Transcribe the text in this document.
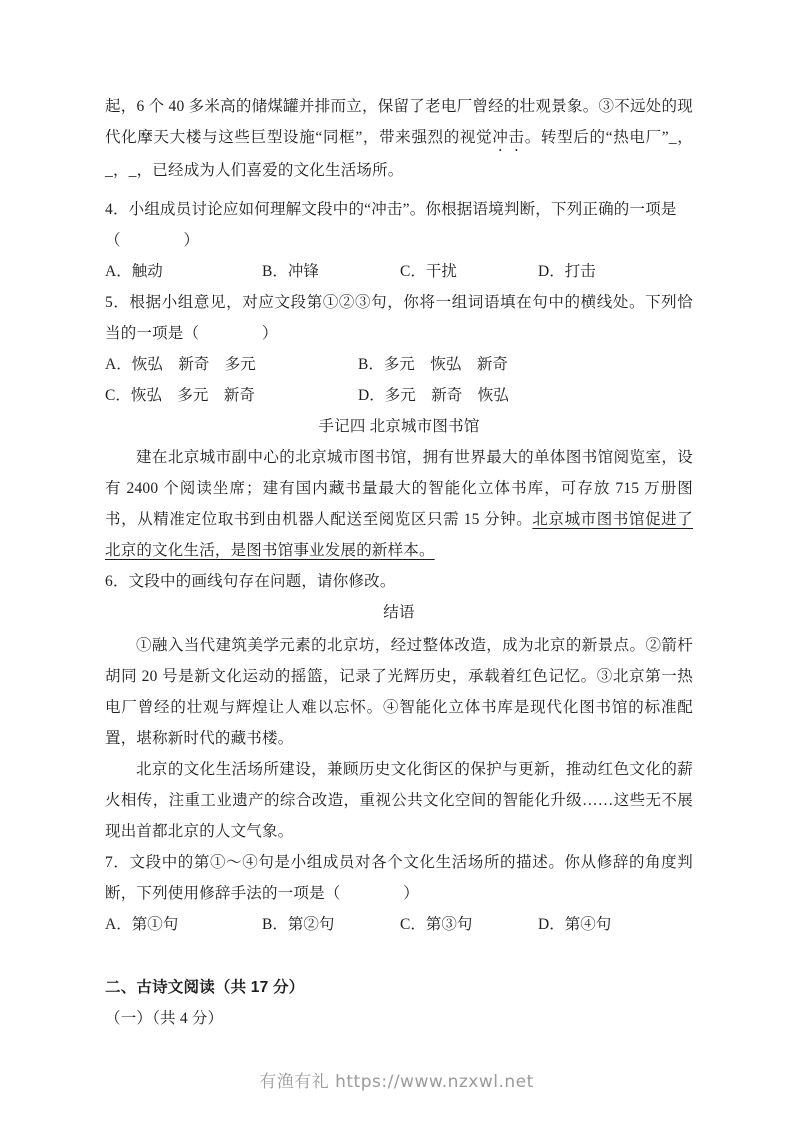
起，6 个 40 多米高的储煤罐并排而立，保留了老电厂曾经的壮观景象。③不远处的现代化摩天大楼与这些巨型设施“同框”，带来强烈的视觉冲击。转型后的“热电厂”_，_，_，已经成为人们喜爱的文化生活场所。

4．小组成员讨论应如何理解文段中的“冲击”。你根据语境判断，下列正确的一项是

（　　　　）

A．触动	B．冲锋	C．干扰	D．打击

5．根据小组意见，对应文段第①②③句，你将一组词语填在句中的横线处。下列恰当的一项是（　　　　）

A．恢弘　新奇　多元	B．多元　恢弘　新奇
C．恢弘　多元　新奇	D．多元　新奇　恢弘

手记四 北京城市图书馆

建在北京城市副中心的北京城市图书馆，拥有世界最大的单体图书馆阅览室，设有 2400 个阅读坐席；建有国内藏书量最大的智能化立体书库，可存放 715 万册图书，从精准定位取书到由机器人配送至阅览区只需 15 分钟。北京城市图书馆促进了北京的文化生活，是图书馆事业发展的新样本。

6．文段中的画线句存在问题，请你修改。

结语

①融入当代建筑美学元素的北京坊，经过整体改造，成为北京的新景点。②箭杆胡同 20 号是新文化运动的摇篮，记录了光辉历史，承载着红色记忆。③北京第一热电厂曾经的壮观与辉煌让人难以忘怀。④智能化立体书库是现代化图书馆的标准配置，堪称新时代的藏书楼。

北京的文化生活场所建设，兼顾历史文化街区的保护与更新，推动红色文化的薪火相传，注重工业遗产的综合改造，重视公共文化空间的智能化升级……这些无不展现出首都北京的人文气象。

7．文段中的第①～④句是小组成员对各个文化生活场所的描述。你从修辞的角度判断，下列使用修辞手法的一项是（　　　　）

A．第①句	B．第②句	C．第③句	D．第④句

二、古诗文阅读（共 17 分）

（一）（共 4 分）

有渔有礼 https://www.nzxwl.net
